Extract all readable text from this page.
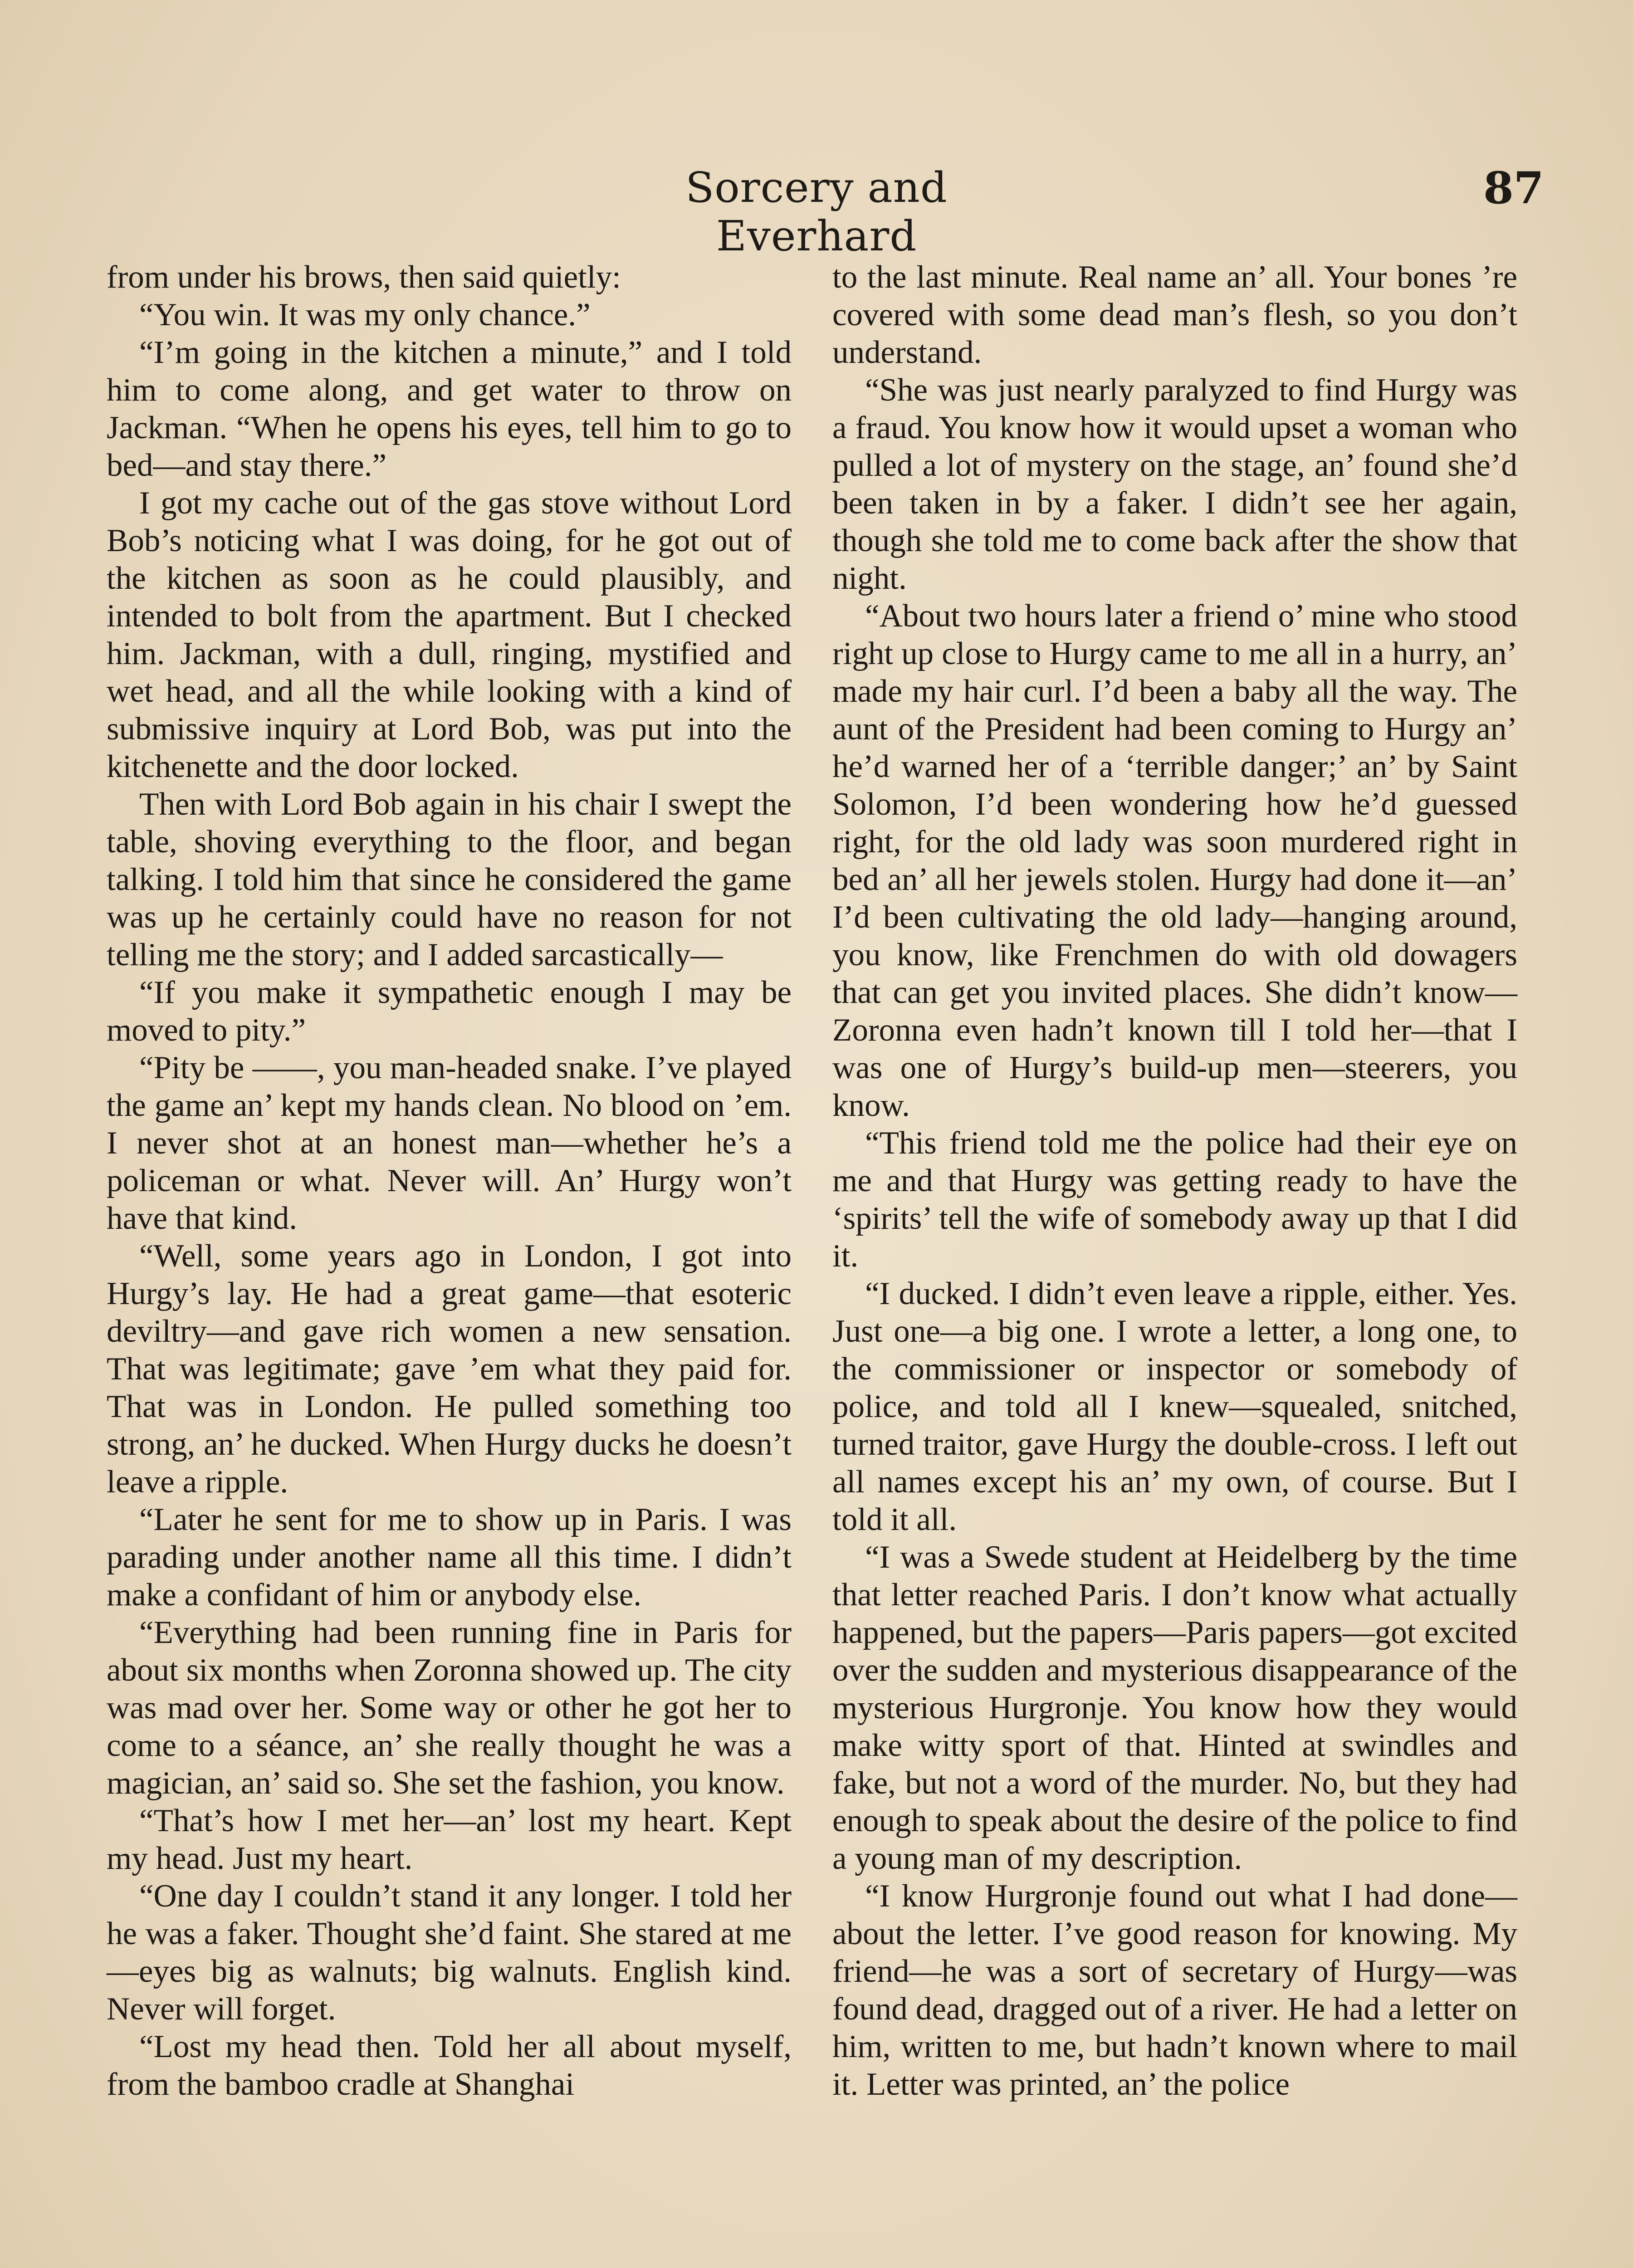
Sorcery and Everhard
87

from under his brows, then said quietly:

“You win. It was my only chance.”

“I’m going in the kitchen a minute,” and I told him to come along, and get water to throw on Jackman. “When he opens his eyes, tell him to go to bed—and stay there.”

I got my cache out of the gas stove without Lord Bob’s noticing what I was doing, for he got out of the kitchen as soon as he could plausibly, and intended to bolt from the apartment. But I checked him. Jackman, with a dull, ringing, mystified and wet head, and all the while looking with a kind of submissive inquiry at Lord Bob, was put into the kitchenette and the door locked.

Then with Lord Bob again in his chair I swept the table, shoving everything to the floor, and began talking. I told him that since he considered the game was up he certainly could have no reason for not telling me the story; and I added sarcastically—

“If you make it sympathetic enough I may be moved to pity.”

“Pity be ——, you man-headed snake. I’ve played the game an’ kept my hands clean. No blood on ’em. I never shot at an honest man—whether he’s a policeman or what. Never will. An’ Hurgy won’t have that kind.

“Well, some years ago in London, I got into Hurgy’s lay. He had a great game—that esoteric deviltry—and gave rich women a new sensation. That was legitimate; gave ’em what they paid for. That was in London. He pulled something too strong, an’ he ducked. When Hurgy ducks he doesn’t leave a ripple.

“Later he sent for me to show up in Paris. I was parading under another name all this time. I didn’t make a confidant of him or anybody else.

“Everything had been running fine in Paris for about six months when Zoronna showed up. The city was mad over her. Some way or other he got her to come to a séance, an’ she really thought he was a magician, an’ said so. She set the fashion, you know.

“That’s how I met her—an’ lost my heart. Kept my head. Just my heart.

“One day I couldn’t stand it any longer. I told her he was a faker. Thought she’d faint. She stared at me—eyes big as walnuts; big walnuts. English kind. Never will forget.

“Lost my head then. Told her all about myself, from the bamboo cradle at Shanghai

to the last minute. Real name an’ all. Your bones ’re covered with some dead man’s flesh, so you don’t understand.

“She was just nearly paralyzed to find Hurgy was a fraud. You know how it would upset a woman who pulled a lot of mystery on the stage, an’ found she’d been taken in by a faker. I didn’t see her again, though she told me to come back after the show that night.

“About two hours later a friend o’ mine who stood right up close to Hurgy came to me all in a hurry, an’ made my hair curl. I’d been a baby all the way. The aunt of the President had been coming to Hurgy an’ he’d warned her of a ‘terrible danger;’ an’ by Saint Solomon, I’d been wondering how he’d guessed right, for the old lady was soon murdered right in bed an’ all her jewels stolen. Hurgy had done it—an’ I’d been cultivating the old lady—hanging around, you know, like Frenchmen do with old dowagers that can get you invited places. She didn’t know—Zoronna even hadn’t known till I told her—that I was one of Hurgy’s build-up men—steerers, you know.

“This friend told me the police had their eye on me and that Hurgy was getting ready to have the ‘spirits’ tell the wife of somebody away up that I did it.

“I ducked. I didn’t even leave a ripple, either. Yes. Just one—a big one. I wrote a letter, a long one, to the commissioner or inspector or somebody of police, and told all I knew—squealed, snitched, turned traitor, gave Hurgy the double-cross. I left out all names except his an’ my own, of course. But I told it all.

“I was a Swede student at Heidelberg by the time that letter reached Paris. I don’t know what actually happened, but the papers—Paris papers—got excited over the sudden and mysterious disappearance of the mysterious Hurgronje. You know how they would make witty sport of that. Hinted at swindles and fake, but not a word of the murder. No, but they had enough to speak about the desire of the police to find a young man of my description.

“I know Hurgronje found out what I had done—about the letter. I’ve good reason for knowing. My friend—he was a sort of secretary of Hurgy—was found dead, dragged out of a river. He had a letter on him, written to me, but hadn’t known where to mail it. Letter was printed, an’ the police
